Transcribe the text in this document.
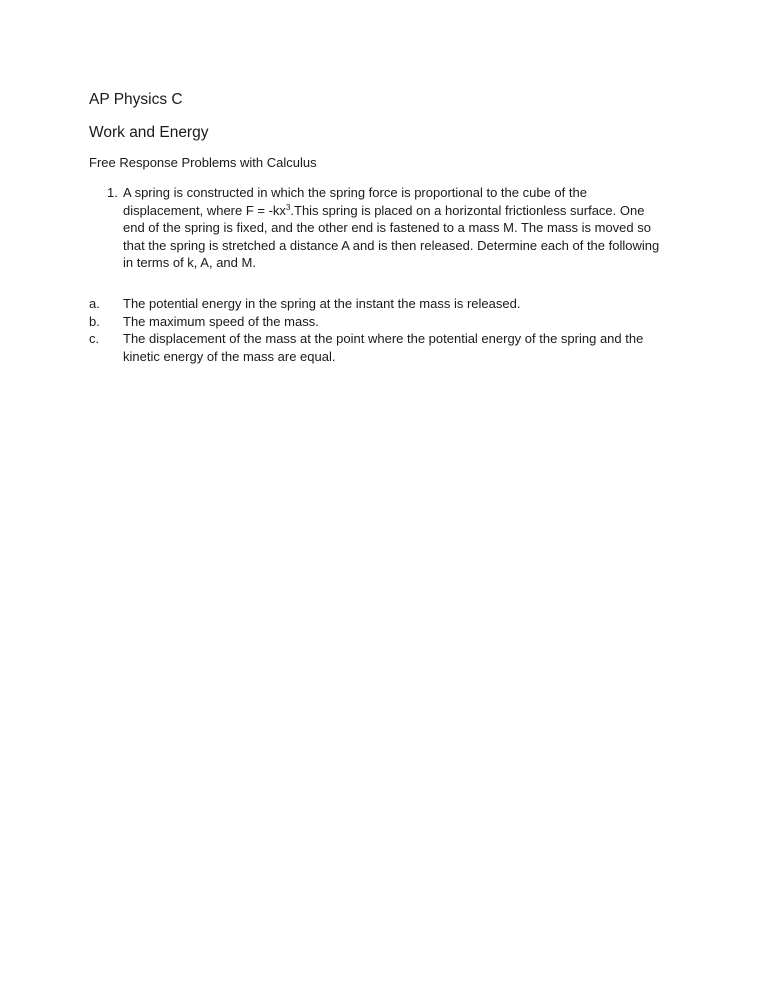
AP Physics C
Work and Energy
Free Response Problems with Calculus
1. A spring is constructed in which the spring force is proportional to the cube of the displacement, where $F = -kx^3.This$ spring is placed on a horizontal frictionless surface. One end of the spring is fixed, and the other end is fastened to a mass M. The mass is moved so that the spring is stretched a distance A and is then released. Determine each of the following in terms of k, A, and M.
a.	The potential energy in the spring at the instant the mass is released.
b.	The maximum speed of the mass.
c.	The displacement of the mass at the point where the potential energy of the spring and the kinetic energy of the mass are equal.
